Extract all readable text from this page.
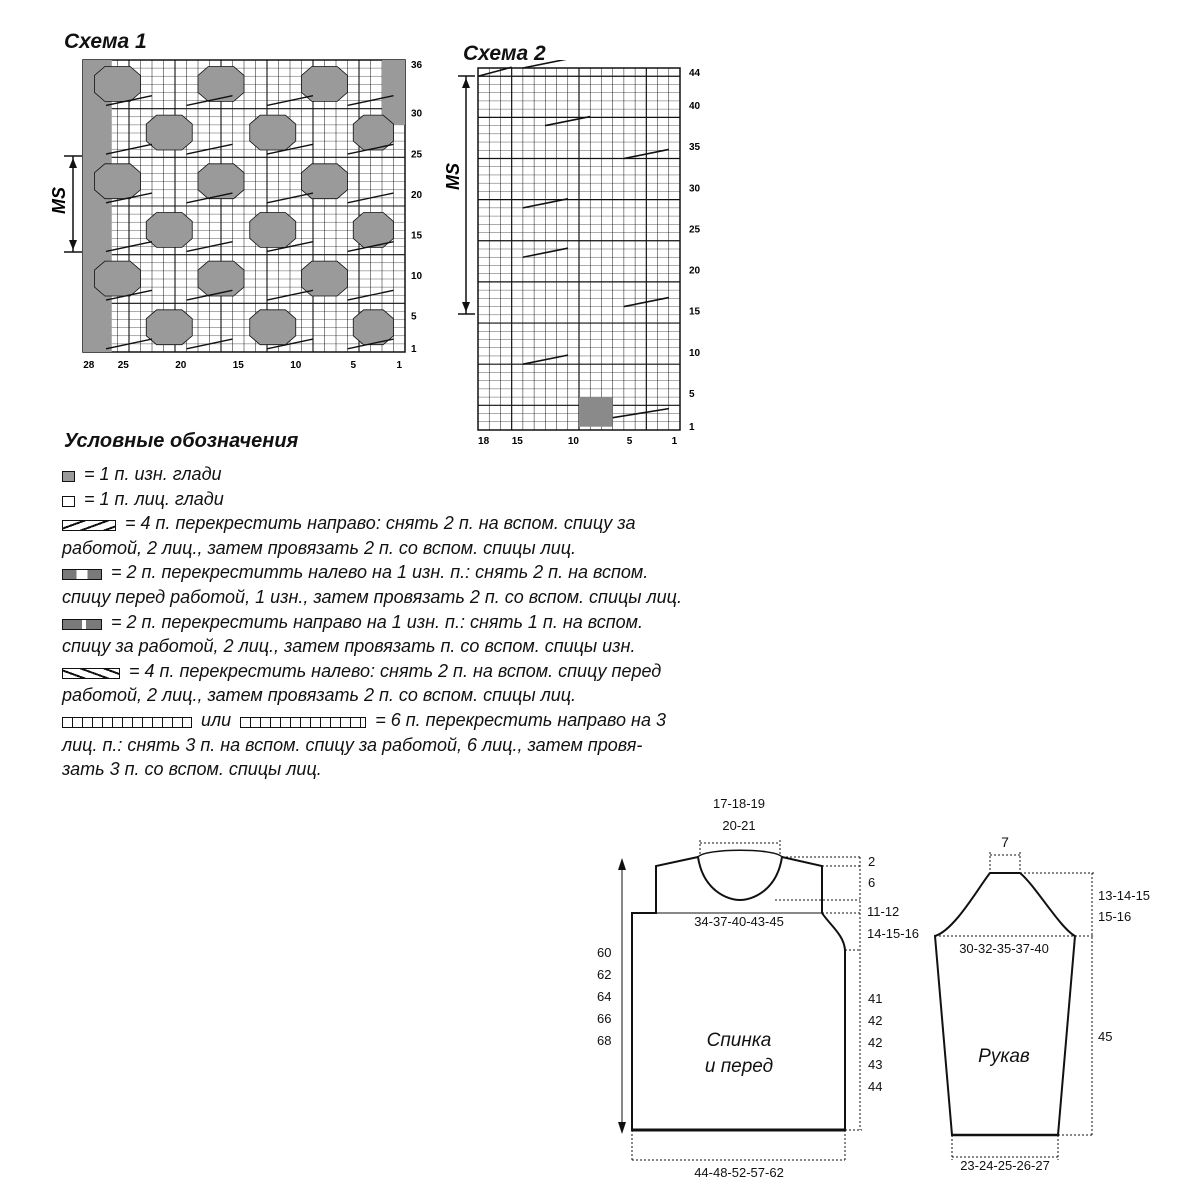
Схема 1
MS
36
30
25
20
15
10
5
1
28 25	20	15	10	5	1
Схема 2
MS
44
40
35
30
25
20
15
10
5
1
18 15	10	5	1
Условные обозначения
= 1 п. изн. глади
= 1 п. лиц. глади
= 4 п. перекрестить направо: снять 2 п. на вспом. спицу за
работой, 2 лиц., затем провязать 2 п. со вспом. спицы лиц.
= 2 п. перекреститть налево на 1 изн. п.: снять 2 п. на вспом.
спицу перед работой, 1 изн., затем провязать 2 п. со вспом. спицы лиц.
= 2 п. перекрестить направо на 1 изн. п.: снять 1 п. на вспом.
спицу за работой, 2 лиц., затем провязать п. со вспом. спицы изн.
= 4 п. перекрестить налево: снять 2 п. на вспом. спицу перед
работой, 2 лиц., затем провязать 2 п. со вспом. спицы лиц.
или	= 6 п. перекрестить направо на 3
лиц. п.: снять 3 п. на вспом. спицу за работой, 6 лиц., затем провя-
зать 3 п. со вспом. спицы лиц.
17-18-19
20-21
2
6
34-37-40-43-45
11-12
14-15-16
60
62
64
66
68
41
42
42
43
44
44-48-52-57-62
Спинка
и перед
7
13-14-15
15-16
30-32-35-37-40
45
23-24-25-26-27
Рукав
